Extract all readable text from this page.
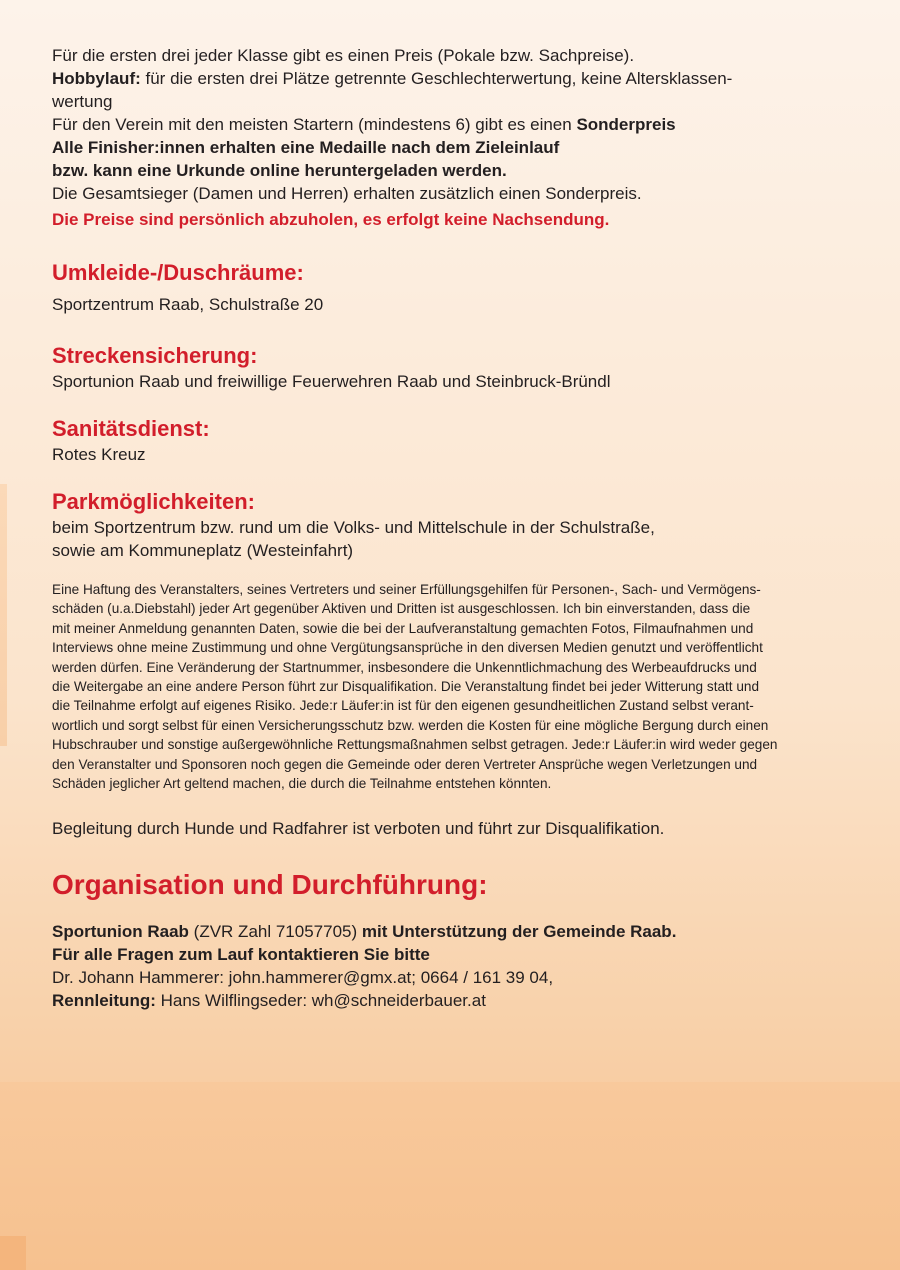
Für die ersten drei jeder Klasse gibt es einen Preis (Pokale bzw. Sachpreise).

Hobbylauf: für die ersten drei Plätze getrennte Geschlechterwertung, keine Altersklassen-

wertung

Für den Verein mit den meisten Startern (mindestens 6) gibt es einen Sonderpreis

Alle Finisher:innen erhalten eine Medaille nach dem Zieleinlauf

bzw. kann eine Urkunde online heruntergeladen werden.

Die Gesamtsieger (Damen und Herren) erhalten zusätzlich einen Sonderpreis.

Die Preise sind persönlich abzuholen, es erfolgt keine Nachsendung.

Umkleide-/Duschräume:

Sportzentrum Raab, Schulstraße 20

Streckensicherung:

Sportunion Raab und freiwillige Feuerwehren Raab und Steinbruck-Bründl

Sanitätsdienst:

Rotes Kreuz

Parkmöglichkeiten:

beim Sportzentrum bzw. rund um die Volks- und Mittelschule in der Schulstraße,

sowie am Kommuneplatz (Westeinfahrt)

Eine Haftung des Veranstalters, seines Vertreters und seiner Erfüllungsgehilfen für Personen-, Sach- und Vermögens-

schäden (u.a.Diebstahl) jeder Art gegenüber Aktiven und Dritten ist ausgeschlossen. Ich bin einverstanden, dass die

mit meiner Anmeldung genannten Daten, sowie die bei der Laufveranstaltung gemachten Fotos, Filmaufnahmen und

Interviews ohne meine Zustimmung und ohne Vergütungsansprüche in den diversen Medien genutzt und veröffentlicht

werden dürfen. Eine Veränderung der Startnummer, insbesondere die Unkenntlichmachung des Werbeaufdrucks und

die Weitergabe an eine andere Person führt zur Disqualifikation. Die Veranstaltung findet bei jeder Witterung statt und

die Teilnahme erfolgt auf eigenes Risiko. Jede:r Läufer:in ist für den eigenen gesundheitlichen Zustand selbst verant-

wortlich und sorgt selbst für einen Versicherungsschutz bzw. werden die Kosten für eine mögliche Bergung durch einen

Hubschrauber und sonstige außergewöhnliche Rettungsmaßnahmen selbst getragen. Jede:r Läufer:in wird weder gegen

den Veranstalter und Sponsoren noch gegen die Gemeinde oder deren Vertreter Ansprüche wegen Verletzungen und

Schäden jeglicher Art geltend machen, die durch die Teilnahme entstehen könnten.

Begleitung durch Hunde und Radfahrer ist verboten und führt zur Disqualifikation.

Organisation und Durchführung:

Sportunion Raab (ZVR Zahl 71057705) mit Unterstützung der Gemeinde Raab.

Für alle Fragen zum Lauf kontaktieren Sie bitte

Dr. Johann Hammerer: john.hammerer@gmx.at; 0664 / 161 39 04,

Rennleitung: Hans Wilflingseder: wh@schneiderbauer.at
